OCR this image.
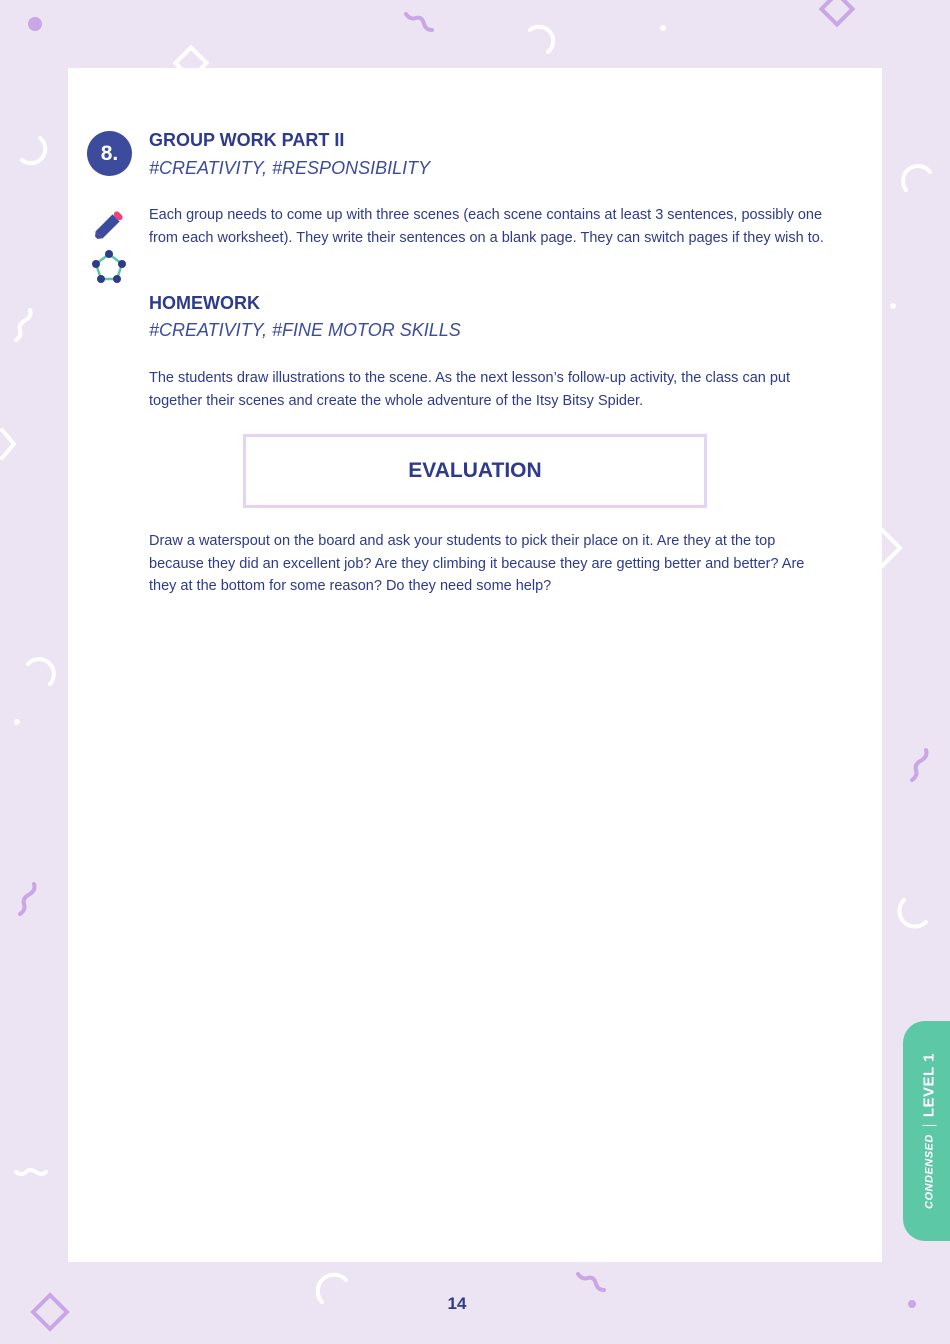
8.
GROUP WORK PART II
#CREATIVITY, #RESPONSIBILITY

Each group needs to come up with three scenes (each scene contains at least 3 sentences, possibly one from each worksheet). They write their sentences on a blank page. They can switch pages if they wish to.

HOMEWORK
#CREATIVITY, #FINE MOTOR SKILLS

The students draw illustrations to the scene. As the next lesson’s follow-up activity, the class can put together their scenes and create the whole adventure of the Itsy Bitsy Spider.

EVALUATION

Draw a waterspout on the board and ask your students to pick their place on it. Are they at the top because they did an excellent job? Are they climbing it because they are getting better and better? Are they at the bottom for some reason? Do they need some help?

14
CONDENSED
LEVEL 1
